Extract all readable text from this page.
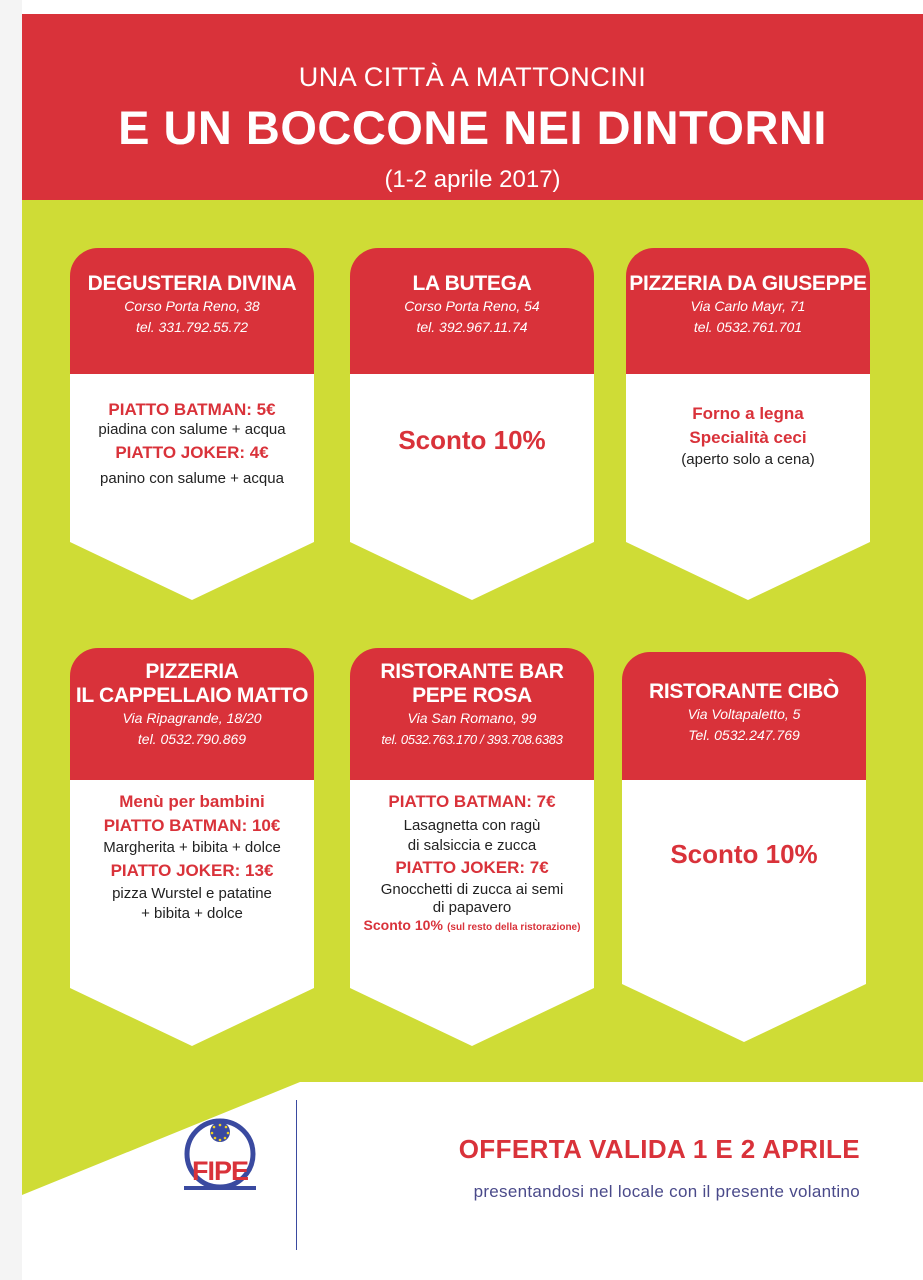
UNA CITTÀ A MATTONCINI
E UN BOCCONE NEI DINTORNI
(1-2 aprile 2017)
DEGUSTERIA DIVINA
Corso Porta Reno, 38
tel. 331.792.55.72
PIATTO BATMAN: 5€
piadina con salume + acqua
PIATTO JOKER: 4€
panino con salume + acqua
LA BUTEGA
Corso Porta Reno, 54
tel. 392.967.11.74
Sconto 10%
PIZZERIA DA GIUSEPPE
Via Carlo Mayr, 71
tel. 0532.761.701
Forno a legna
Specialità ceci
(aperto solo a cena)
PIZZERIA
IL CAPPELLAIO MATTO
Via Ripagrande, 18/20
tel. 0532.790.869
Menù per bambini
PIATTO BATMAN: 10€
Margherita + bibita + dolce
PIATTO JOKER: 13€
pizza Wurstel e patatine
+ bibita + dolce
RISTORANTE BAR
PEPE ROSA
Via San Romano, 99
tel. 0532.763.170 / 393.708.6383
PIATTO BATMAN: 7€
Lasagnetta con ragù
di salsiccia e zucca
PIATTO JOKER: 7€
Gnocchetti di zucca ai semi
di papavero
Sconto 10% (sul resto della ristorazione)
RISTORANTE CIBÒ
Via Voltapaletto, 5
Tel. 0532.247.769
Sconto 10%
FIPE
OFFERTA VALIDA 1 E 2 APRILE
presentandosi nel locale con il presente volantino
